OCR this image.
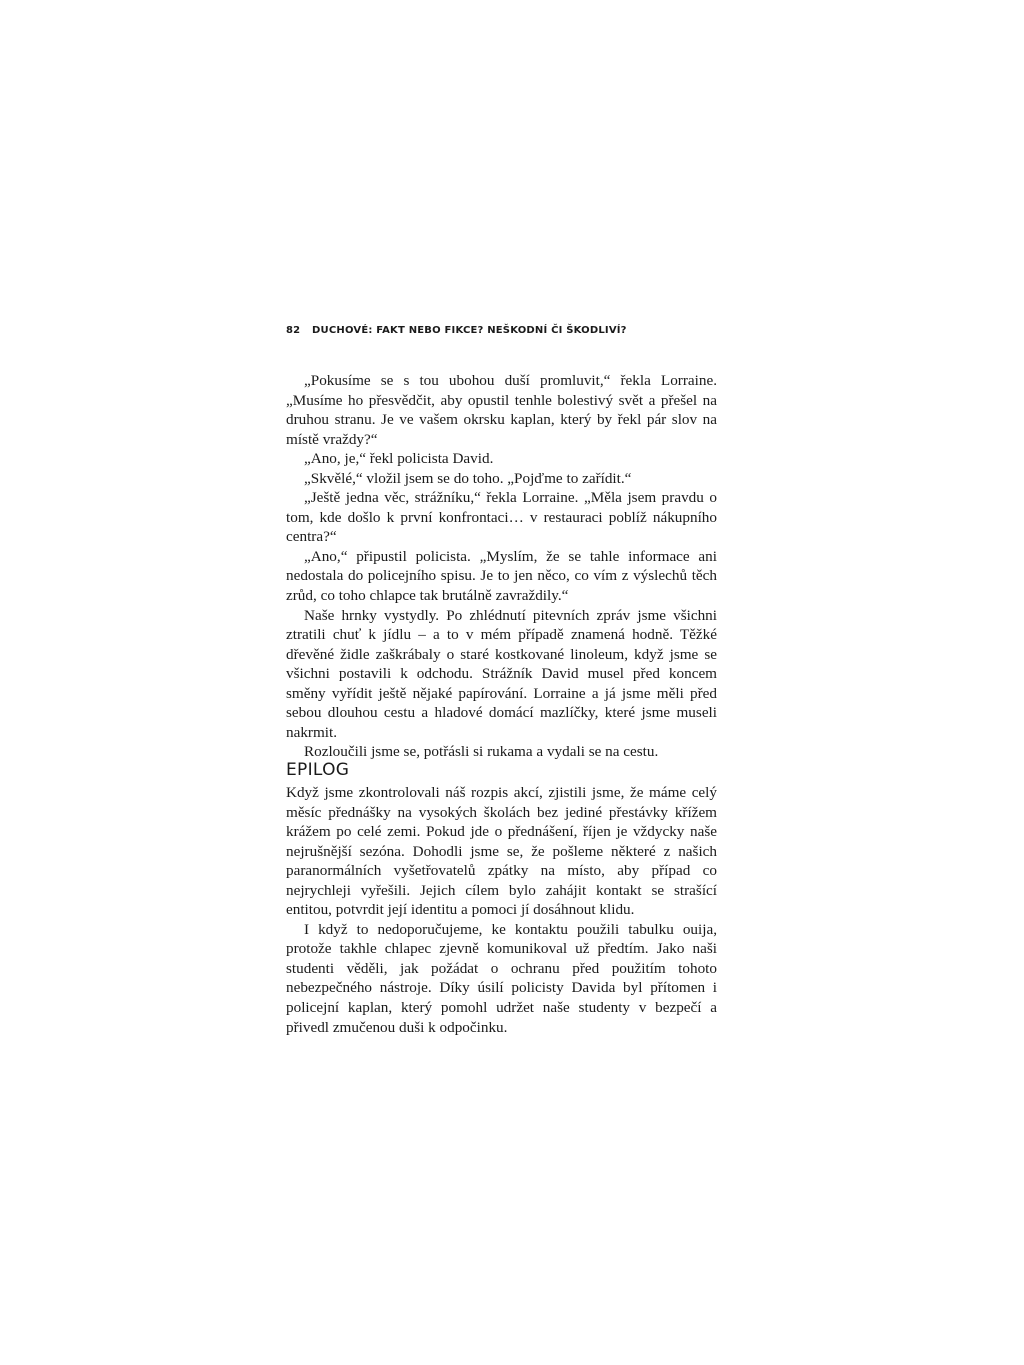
82 DUCHOVÉ: FAKT NEBO FIKCE? NEŠKODNÍ ČI ŠKODLIVÍ?

„Pokusíme se s tou ubohou duší promluvit,“ řekla Lorraine. „Musíme ho přesvědčit, aby opustil tenhle bolestivý svět a přešel na druhou stranu. Je ve vašem okrsku kaplan, který by řekl pár slov na místě vraždy?“

„Ano, je,“ řekl policista David.

„Skvělé,“ vložil jsem se do toho. „Pojďme to zařídit.“

„Ještě jedna věc, strážníku,“ řekla Lorraine. „Měla jsem pravdu o tom, kde došlo k první konfrontaci… v restauraci poblíž nákupního centra?“

„Ano,“ připustil policista. „Myslím, že se tahle informace ani nedostala do policejního spisu. Je to jen něco, co vím z výslechů těch zrůd, co toho chlapce tak brutálně zavraždily.“

Naše hrnky vystydly. Po zhlédnutí pitevních zpráv jsme všichni ztratili chuť k jídlu – a to v mém případě znamená hodně. Těžké dřevěné židle zaškrábaly o staré kostkované linoleum, když jsme se všichni postavili k odchodu. Strážník David musel před koncem směny vyřídit ještě nějaké papírování. Lorraine a já jsme měli před sebou dlouhou cestu a hladové domácí mazlíčky, které jsme museli nakrmit.

Rozloučili jsme se, potřásli si rukama a vydali se na cestu.

EPILOG

Když jsme zkontrolovali náš rozpis akcí, zjistili jsme, že máme celý měsíc přednášky na vysokých školách bez jediné přestávky křížem krážem po celé zemi. Pokud jde o přednášení, říjen je vždycky naše nejrušnější sezóna. Dohodli jsme se, že pošleme některé z našich paranormálních vyšetřovatelů zpátky na místo, aby případ co nejrychleji vyřešili. Jejich cílem bylo zahájit kontakt se strašící entitou, potvrdit její identitu a pomoci jí dosáhnout klidu.

I když to nedoporučujeme, ke kontaktu použili tabulku ouija, protože takhle chlapec zjevně komunikoval už předtím. Jako naši studenti věděli, jak požádat o ochranu před použitím tohoto nebezpečného nástroje. Díky úsilí policisty Davida byl přítomen i policejní kaplan, který pomohl udržet naše studenty v bezpečí a přivedl zmučenou duši k odpočinku.
